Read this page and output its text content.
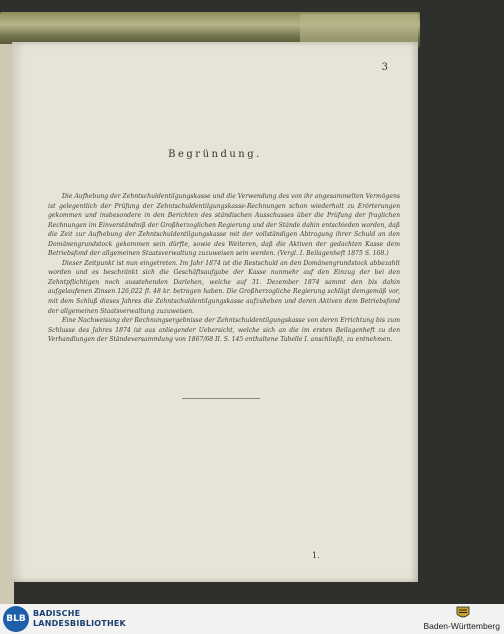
3
Begründung.

Die Aufhebung der Zehntschuldentilgungskasse und die Verwendung des von ihr angesammelten Vermögens ist gelegentlich der Prüfung der Zehntschuldentilgungskasse-Rechnungen schon wiederholt zu Erörterungen gekommen und insbesondere in den Berichten des ständischen Ausschusses über die Prüfung der fraglichen Rechnungen im Einverständniß der Großherzoglichen Regierung und der Stände dahin entschieden worden, daß die Zeit zur Aufhebung der Zehntschuldentilgungskasse mit der vollständigen Abtragung ihrer Schuld an den Domänengrundstock gekommen sein dürfte, sowie des Weiteren, daß die Aktiven der gedachten Kasse dem Betriebsfond der allgemeinen Staatsverwaltung zuzuweisen sein werden. (Vergl. I. Beilagenheft 1875 S. 168.)

Dieser Zeitpunkt ist nun eingetreten. Im Jahr 1874 ist die Restschuld an den Domänengrundstock abbezahlt worden und es beschränkt sich die Geschäftsaufgabe der Kasse nunmehr auf den Einzug der bei den Zehntpflichtigen noch ausstehenden Darlehen, welche auf 31. Dezember 1874 sammt den bis dahin aufgelaufenen Zinsen 126,022 fl. 48 kr. betragen haben. Die Großherzogliche Regierung schlägt demgemäß vor, mit dem Schluß dieses Jahres die Zehntschuldentilgungskasse aufzuheben und deren Aktiven dem Betriebsfond der allgemeinen Staatsverwaltung zuzuweisen.

Eine Nachweisung der Rechnungsergebnisse der Zehntschuldentilgungskasse von deren Errichtung bis zum Schlusse des Jahres 1874 ist aus anliegender Uebersicht, welche sich an die im ersten Beilagenheft zu den Verhandlungen der Ständeversammlung von 1867/68 II. S. 145 enthaltene Tabelle I. anschließt, zu entnehmen.

1.
BLB
BADISCHE
LANDESBIBLIOTHEK	Baden-Württemberg
